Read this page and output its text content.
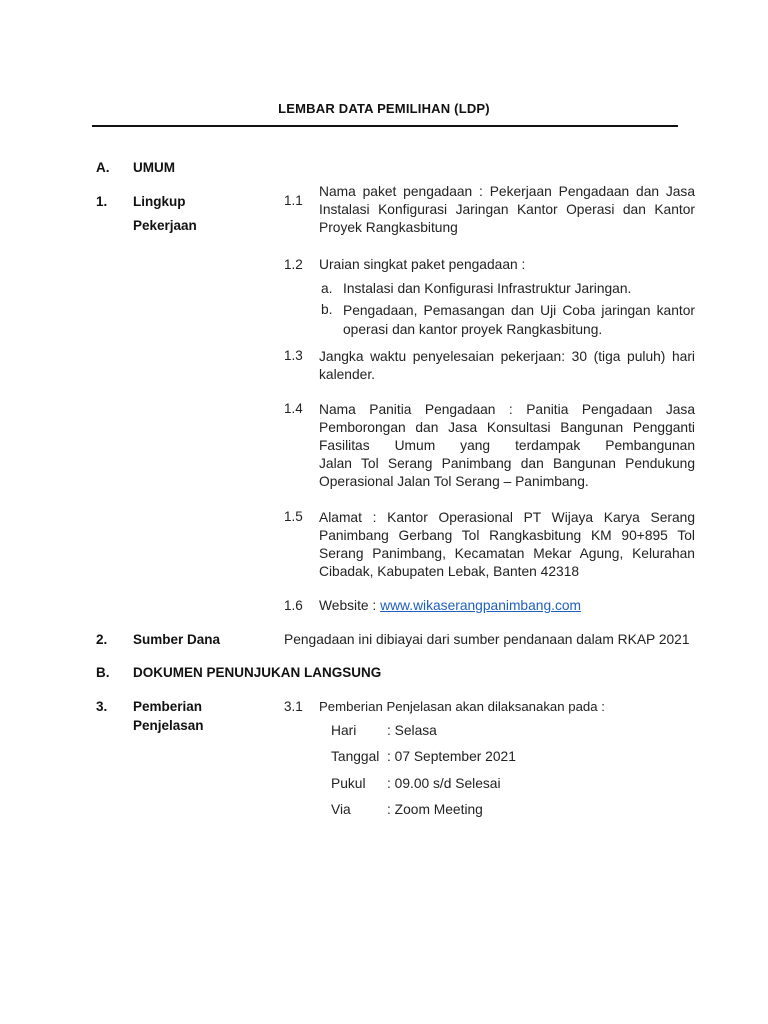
LEMBAR DATA PEMILIHAN (LDP)
A. UMUM
1. Lingkup
Pekerjaan
1.1
Nama paket pengadaan : Pekerjaan Pengadaan dan Jasa
Instalasi Konfigurasi Jaringan Kantor Operasi dan Kantor
Proyek Rangkasbitung
1.2 Uraian singkat paket pengadaan :
a. Instalasi dan Konfigurasi Infrastruktur Jaringan.
b. Pengadaan, Pemasangan dan Uji Coba jaringan kantor
operasi dan kantor proyek Rangkasbitung.
1.3 Jangka waktu penyelesaian pekerjaan: 30 (tiga puluh) hari
kalender.
1.4 Nama Panitia Pengadaan : Panitia Pengadaan Jasa
Pemborongan dan Jasa Konsultasi Bangunan Pengganti
Fasilitas Umum yang terdampak Pembangunan
Jalan Tol Serang Panimbang dan Bangunan Pendukung
Operasional Jalan Tol Serang – Panimbang.
1.5 Alamat : Kantor Operasional PT Wijaya Karya Serang
Panimbang Gerbang Tol Rangkasbitung KM 90+895 Tol
Serang Panimbang, Kecamatan Mekar Agung, Kelurahan
Cibadak, Kabupaten Lebak, Banten 42318
1.6 Website : www.wikaserangpanimbang.com
2. Sumber Dana	Pengadaan ini dibiayai dari sumber pendanaan dalam RKAP 2021
B. DOKUMEN PENUNJUKAN LANGSUNG
3. Pemberian
Penjelasan
3.1 Pemberian Penjelasan akan dilaksanakan pada :
Hari : Selasa
Tanggal : 07 September 2021
Pukul : 09.00 s/d Selesai
Via	: Zoom Meeting
